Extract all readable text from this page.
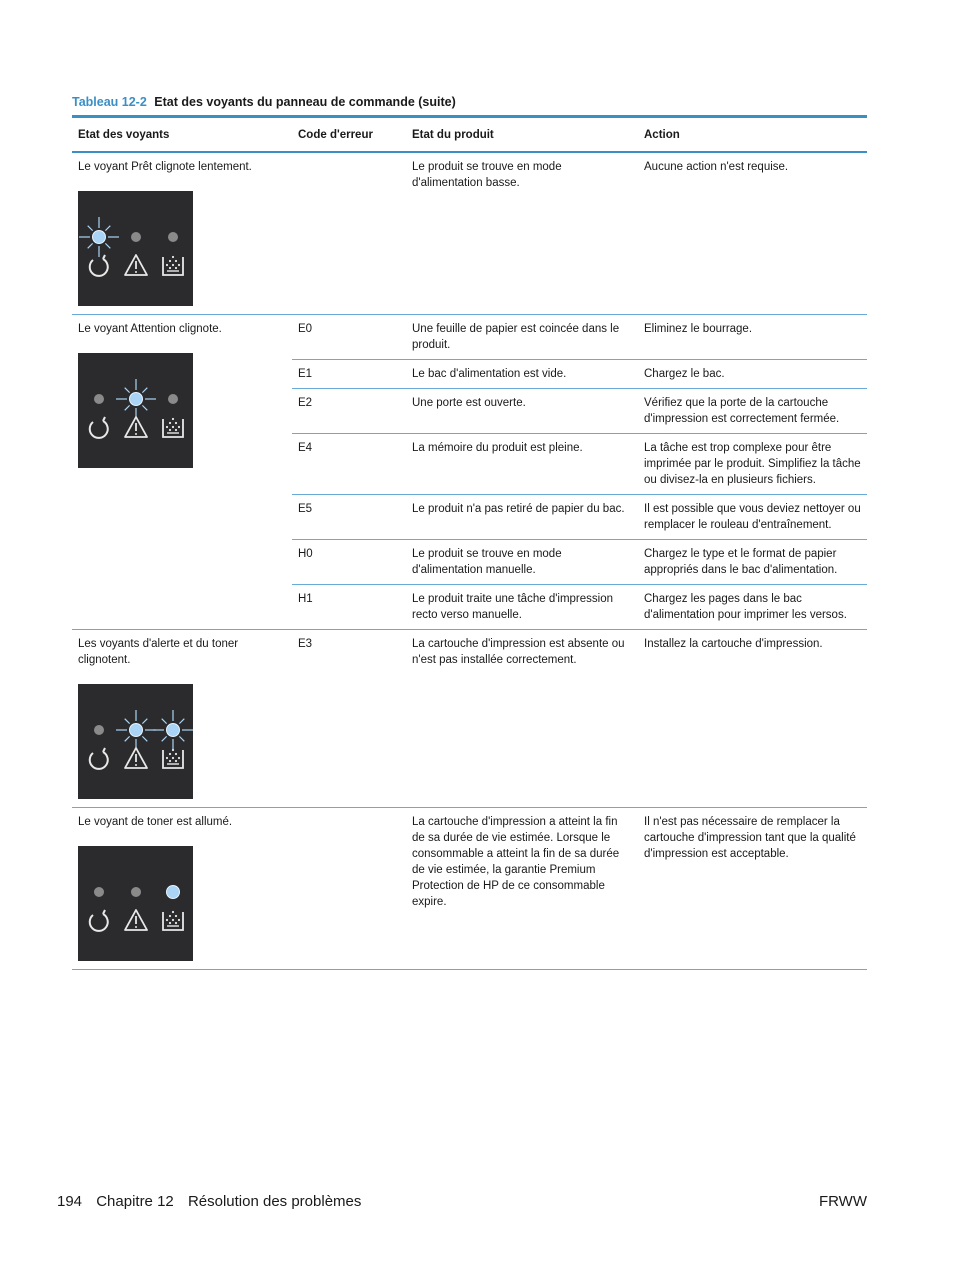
Tableau 12-2 Etat des voyants du panneau de commande (suite)
Etat des voyants	Code d'erreur	Etat du produit	Action

Le voyant Prêt clignote lentement.		Le produit se trouve en mode d'alimentation basse.	Aucune action n'est requise.

Le voyant Attention clignote.	E0	Une feuille de papier est coincée dans le produit.	Eliminez le bourrage.
	E1	Le bac d'alimentation est vide.	Chargez le bac.
	E2	Une porte est ouverte.	Vérifiez que la porte de la cartouche d'impression est correctement fermée.
	E4	La mémoire du produit est pleine.	La tâche est trop complexe pour être imprimée par le produit. Simplifiez la tâche ou divisez-la en plusieurs fichiers.
	E5	Le produit n'a pas retiré de papier du bac.	Il est possible que vous deviez nettoyer ou remplacer le rouleau d'entraînement.
	H0	Le produit se trouve en mode d'alimentation manuelle.	Chargez le type et le format de papier appropriés dans le bac d'alimentation.
	H1	Le produit traite une tâche d'impression recto verso manuelle.	Chargez les pages dans le bac d'alimentation pour imprimer les versos.

Les voyants d'alerte et du toner clignotent.	E3	La cartouche d'impression est absente ou n'est pas installée correctement.	Installez la cartouche d'impression.

Le voyant de toner est allumé.		La cartouche d'impression a atteint la fin de sa durée de vie estimée. Lorsque le consommable a atteint la fin de sa durée de vie estimée, la garantie Premium Protection de HP de ce consommable expire.	Il n'est pas nécessaire de remplacer la cartouche d'impression tant que la qualité d'impression est acceptable.
194 Chapitre 12 Résolution des problèmes	FRWW
